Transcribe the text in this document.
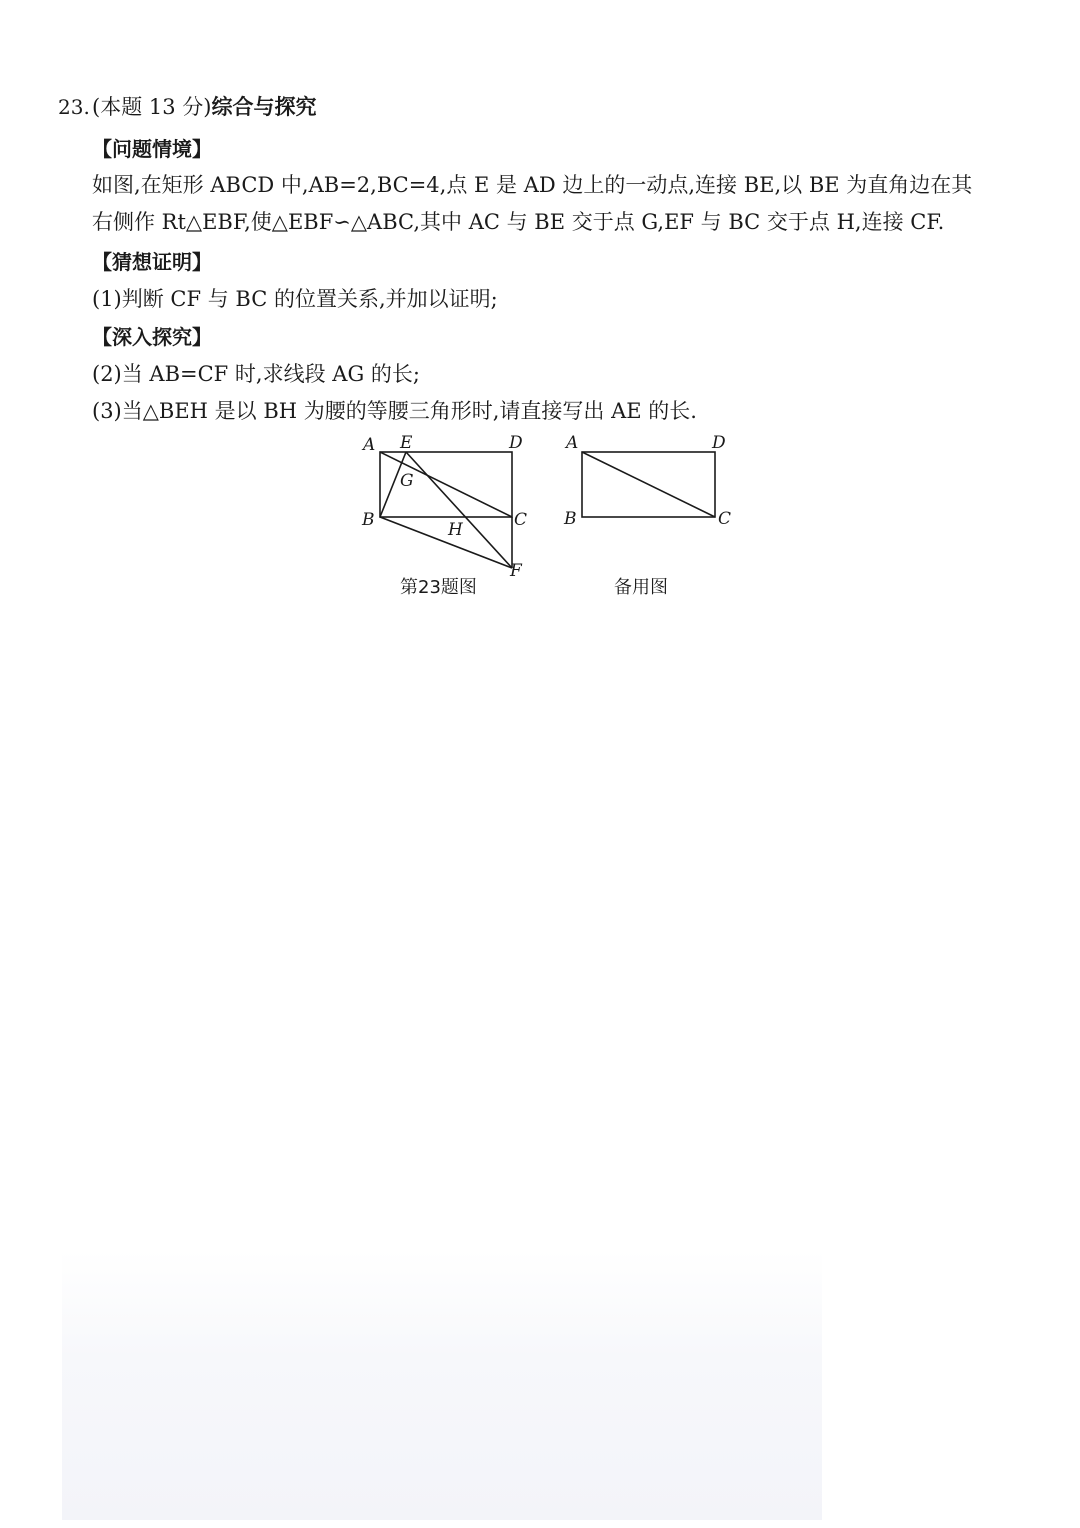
23. (本题 13 分)综合与探究
【问题情境】
如图,在矩形 ABCD 中,AB=2,BC=4,点 E 是 AD 边上的一动点,连接 BE,以 BE 为直角边在其
右侧作 Rt△EBF,使△EBF∽△ABC,其中 AC 与 BE 交于点 G,EF 与 BC 交于点 H,连接 CF.
【猜想证明】
(1)判断 CF 与 BC 的位置关系,并加以证明;
【深入探究】
(2)当 AB=CF 时,求线段 AG 的长;
(3)当△BEH 是以 BH 为腰的等腰三角形时,请直接写出 AE 的长.
A E	D
G
B	C
H
F
第23题图
A	D
B	C
备用图
